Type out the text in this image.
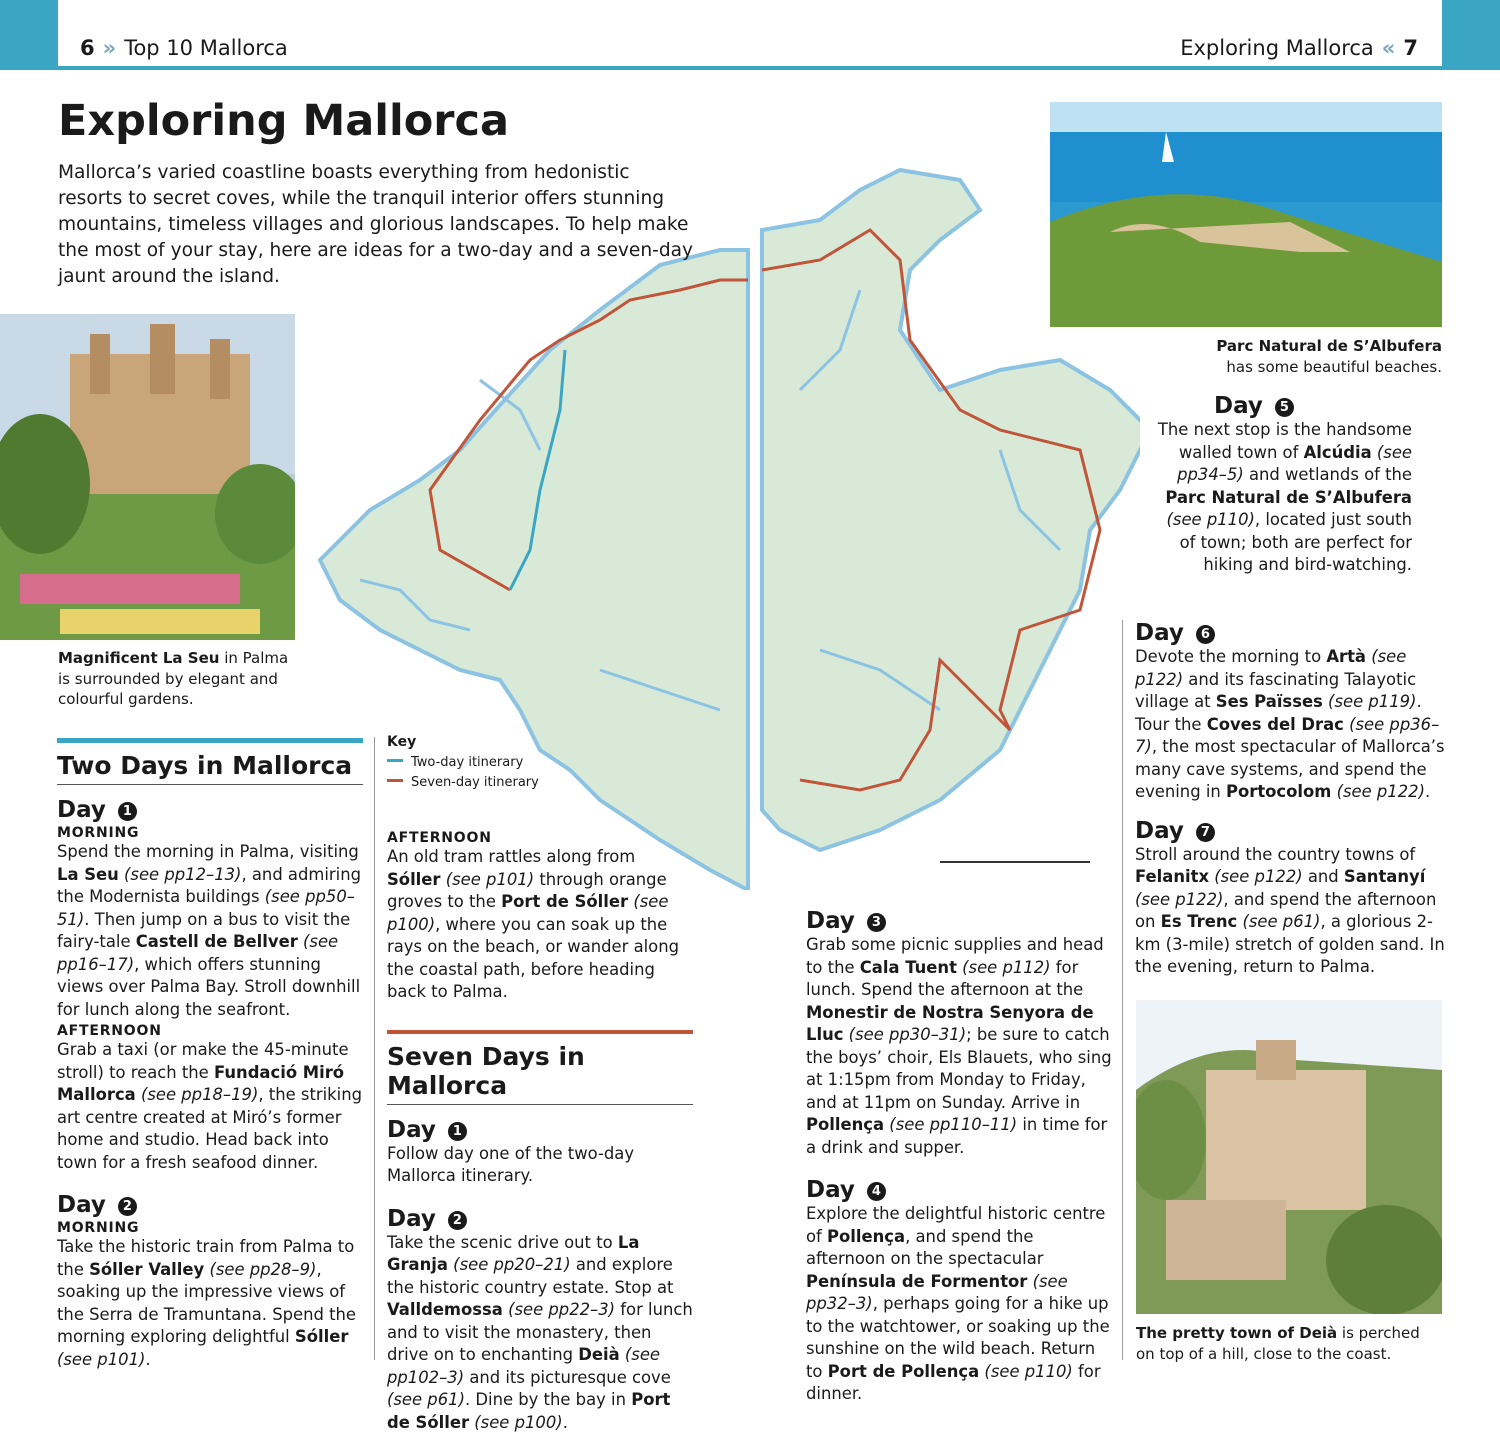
6 » Top 10 Mallorca	Exploring Mallorca « 7
Exploring Mallorca
Mallorca’s varied coastline boasts everything from hedonistic resorts to secret coves, while the tranquil interior offers stunning mountains, timeless villages and glorious landscapes. To help make the most of your stay, here are ideas for a two-day and a seven-day jaunt around the island.
Magnificent La Seu in Palma is surrounded by elegant and colourful gardens.
Parc Natural de S’Albufera
has some beautiful beaches.
The pretty town of Deià is perched on top of a hill, close to the coast.
Key
Two-day itinerary
Seven-day itinerary
Two Days in Mallorca
Day 1
MORNING
Spend the morning in Palma, visiting La Seu (see pp12–13), and admiring the Modernista buildings (see pp50–51). Then jump on a bus to visit the fairy-tale Castell de Bellver (see pp16–17), which offers stunning views over Palma Bay. Stroll downhill for lunch along the seafront.
AFTERNOON
Grab a taxi (or make the 45-minute stroll) to reach the Fundació Miró Mallorca (see pp18–19), the striking art centre created at Miró’s former home and studio. Head back into town for a fresh seafood dinner.
Day 2
MORNING
Take the historic train from Palma to the Sóller Valley (see pp28–9), soaking up the impressive views of the Serra de Tramuntana. Spend the morning exploring delightful Sóller (see p101).
AFTERNOON
An old tram rattles along from Sóller (see p101) through orange groves to the Port de Sóller (see p100), where you can soak up the rays on the beach, or wander along the coastal path, before heading back to Palma.
Seven Days in Mallorca
Day 1
Follow day one of the two-day Mallorca itinerary.
Day 2
Take the scenic drive out to La Granja (see pp20–21) and explore the historic country estate. Stop at Valldemossa (see pp22–3) for lunch and to visit the monastery, then drive on to enchanting Deià (see pp102–3) and its picturesque cove (see p61). Dine by the bay in Port de Sóller (see p100).
Day 3
Grab some picnic supplies and head to the Cala Tuent (see p112) for lunch. Spend the afternoon at the Monestir de Nostra Senyora de Lluc (see pp30–31); be sure to catch the boys’ choir, Els Blauets, who sing at 1:15pm from Monday to Friday, and at 11pm on Sunday. Arrive in Pollença (see pp110–11) in time for a drink and supper.
Day 4
Explore the delightful historic centre of Pollença, and spend the afternoon on the spectacular Península de Formentor (see pp32–3), perhaps going for a hike up to the watchtower, or soaking up the sunshine on the wild beach. Return to Port de Pollença (see p110) for dinner.
Day 5
The next stop is the handsome walled town of Alcúdia (see pp34–5) and wetlands of the Parc Natural de S’Albufera (see p110), located just south of town; both are perfect for hiking and bird-watching.
Day 6
Devote the morning to Artà (see p122) and its fascinating Talayotic village at Ses Païsses (see p119). Tour the Coves del Drac (see pp36–7), the most spectacular of Mallorca’s many cave systems, and spend the evening in Portocolom (see p122).
Day 7
Stroll around the country towns of Felanitx (see p122) and Santanyí (see p122), and spend the afternoon on Es Trenc (see p61), a glorious 2-km (3-mile) stretch of golden sand. In the evening, return to Palma.
